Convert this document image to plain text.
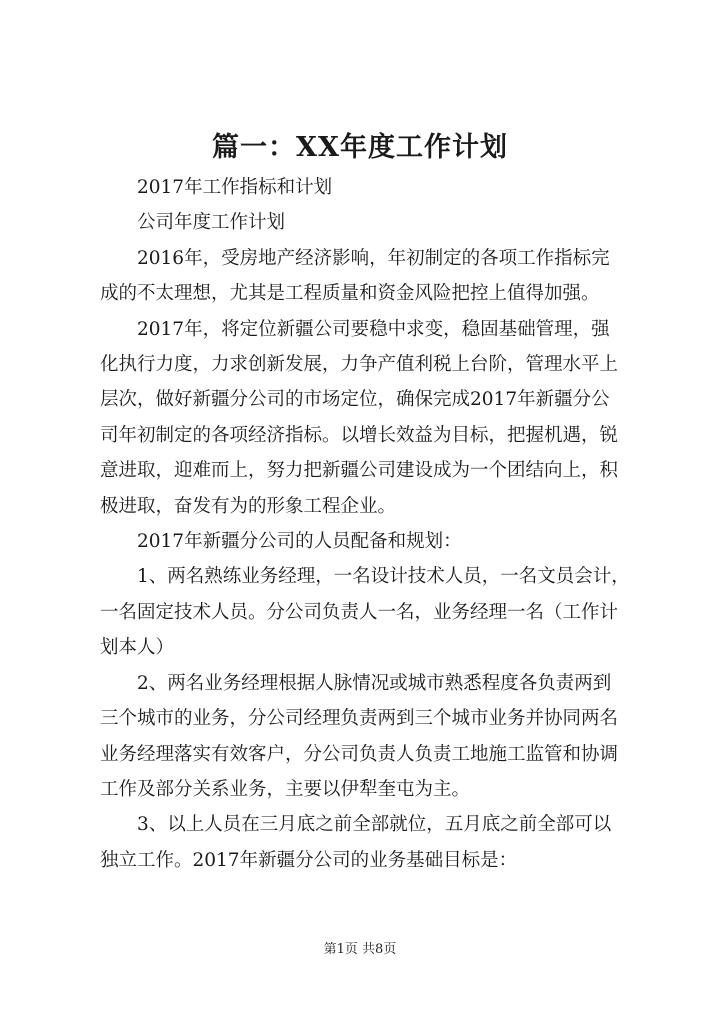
篇一：XX年度工作计划

2017年工作指标和计划

公司年度工作计划

2016年，受房地产经济影响，年初制定的各项工作指标完
成的不太理想，尤其是工程质量和资金风险把控上值得加强。

2017年，将定位新疆公司要稳中求变，稳固基础管理，强
化执行力度，力求创新发展，力争产值利税上台阶，管理水平上
层次，做好新疆分公司的市场定位，确保完成2017年新疆分公
司年初制定的各项经济指标。以增长效益为目标，把握机遇，锐
意进取，迎难而上，努力把新疆公司建设成为一个团结向上，积
极进取，奋发有为的形象工程企业。

2017年新疆分公司的人员配备和规划：

1、两名熟练业务经理，一名设计技术人员，一名文员会计，
一名固定技术人员。分公司负责人一名，业务经理一名（工作计
划本人）

2、两名业务经理根据人脉情况或城市熟悉程度各负责两到
三个城市的业务，分公司经理负责两到三个城市业务并协同两名
业务经理落实有效客户，分公司负责人负责工地施工监管和协调
工作及部分关系业务，主要以伊犁奎屯为主。

3、以上人员在三月底之前全部就位，五月底之前全部可以
独立工作。2017年新疆分公司的业务基础目标是：

第1页 共8页
